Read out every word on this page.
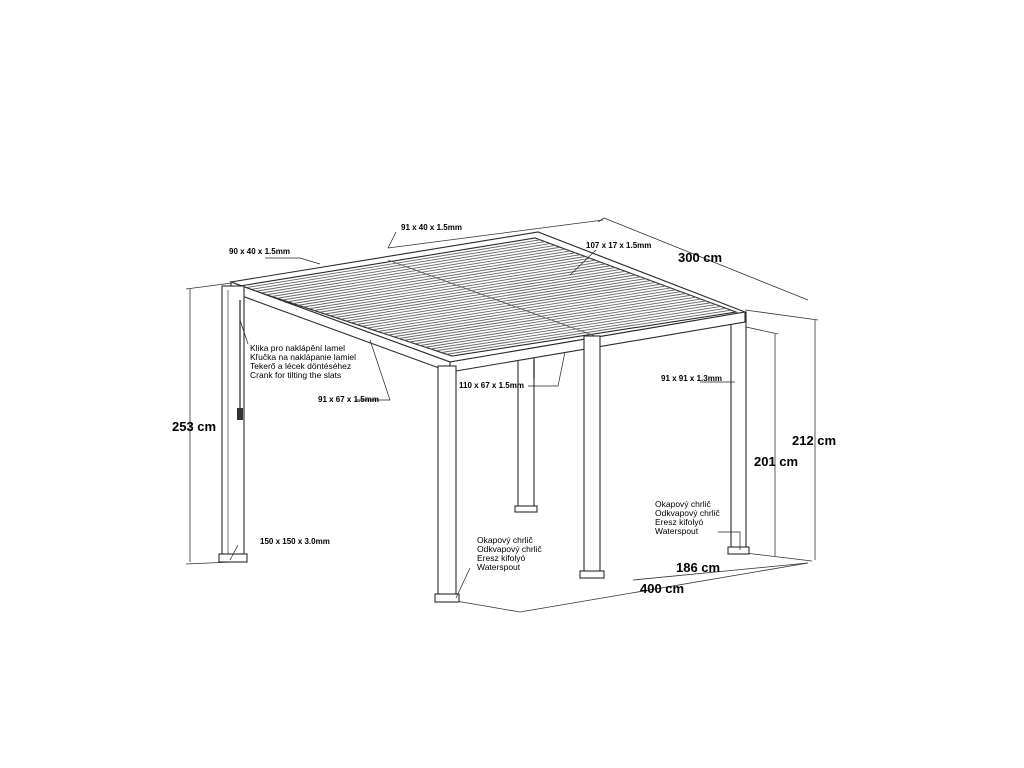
300 cm
253 cm
212 cm
201 cm
186 cm
400 cm
91 x 40 x 1.5mm
90 x 40 x 1.5mm
107 x 17 x 1.5mm
91 x 67 x 1.5mm
110 x 67 x 1.5mm
91 x 91 x 1.3mm
150 x 150 x 3.0mm
Klika pro naklápění lamel
Kľučka na naklápanie lamiel
Tekerő a lécek döntéséhez
Crank for tilting the slats
Okapový chrlič
Odkvapový chrlič
Eresz kifolyó
Waterspout
Okapový chrlič
Odkvapový chrlič
Eresz kifolyó
Waterspout
